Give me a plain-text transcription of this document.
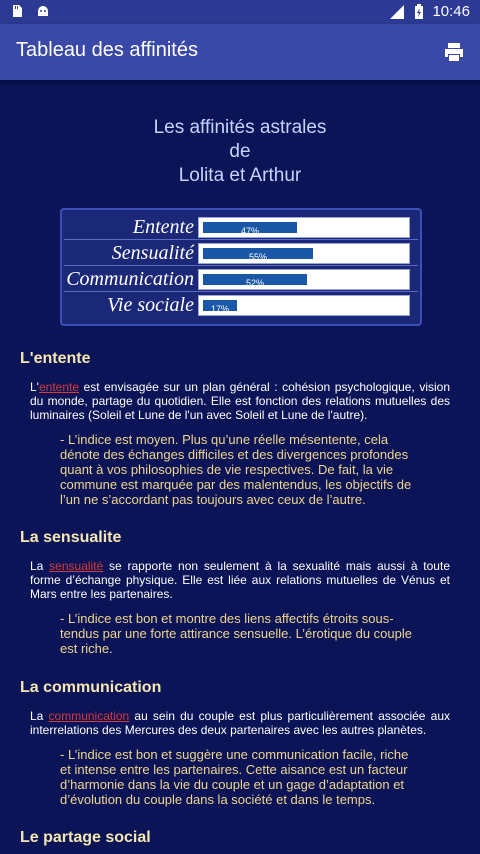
10:46
Tableau des affinités
Les affinités astrales
de
Lolita et Arthur
Entente	47%
Sensualité	55%
Communication	52%
Vie sociale	17%
L'entente

L'entente est envisagée sur un plan général : cohésion psychologique, vision du monde, partage du quotidien. Elle est fonction des relations mutuelles des luminaires (Soleil et Lune de l'un avec Soleil et Lune de l'autre).

- L’indice est moyen. Plus qu’une réelle mésentente, cela dénote des échanges difficiles et des divergences profondes quant à vos philosophies de vie respectives. De fait, la vie commune est marquée par des malentendus, les objectifs de l’un ne s’accordant pas toujours avec ceux de l’autre.

La sensualite

La sensualité se rapporte non seulement à la sexualité mais aussi à toute forme d’échange physique. Elle est liée aux relations mutuelles de Vénus et Mars entre les partenaires.

- L’indice est bon et montre des liens affectifs étroits sous-tendus par une forte attirance sensuelle. L’érotique du couple est riche.

La communication

La communication au sein du couple est plus particulièrement associée aux interrelations des Mercures des deux partenaires avec les autres planètes.

- L’indice est bon et suggère une communication facile, riche et intense entre les partenaires. Cette aisance est un facteur d’harmonie dans la vie du couple et un gage d’adaptation et d’évolution du couple dans la société et dans le temps.

Le partage social
